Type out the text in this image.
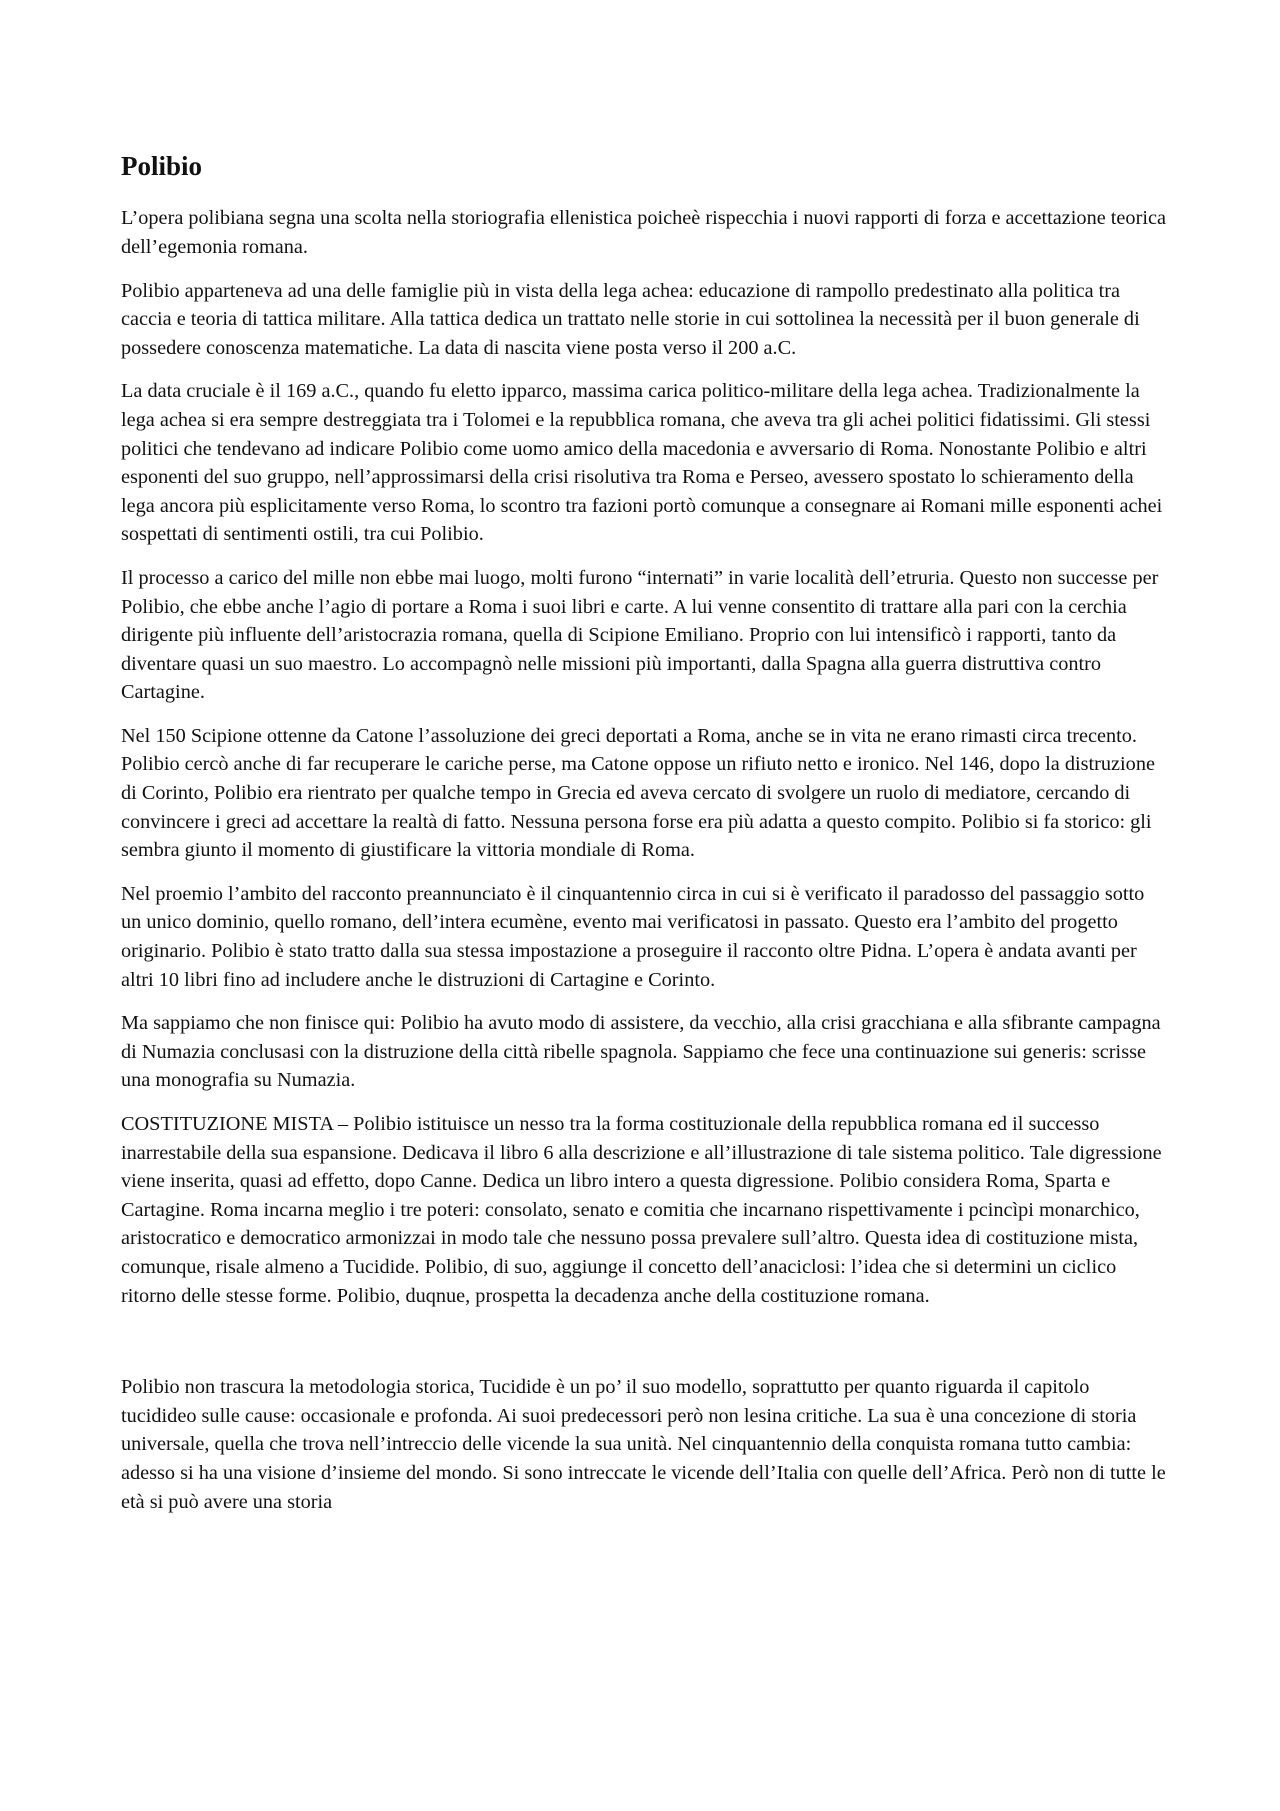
Polibio

L’opera polibiana segna una scolta nella storiografia ellenistica poicheè rispecchia i nuovi rapporti di forza e accettazione teorica dell’egemonia romana.

Polibio apparteneva ad una delle famiglie più in vista della lega achea: educazione di rampollo predestinato alla politica tra caccia e teoria di tattica militare. Alla tattica dedica un trattato nelle storie in cui sottolinea la necessità per il buon generale di possedere conoscenza matematiche. La data di nascita viene posta verso il 200 a.C.

La data cruciale è il 169 a.C., quando fu eletto ipparco, massima carica politico-militare della lega achea. Tradizionalmente la lega achea si era sempre destreggiata tra i Tolomei e la repubblica romana, che aveva tra gli achei politici fidatissimi. Gli stessi politici che tendevano ad indicare Polibio come uomo amico della macedonia e avversario di Roma. Nonostante Polibio e altri esponenti del suo gruppo, nell’approssimarsi della crisi risolutiva tra Roma e Perseo, avessero spostato lo schieramento della lega ancora più esplicitamente verso Roma, lo scontro tra fazioni portò comunque a consegnare ai Romani mille esponenti achei sospettati di sentimenti ostili, tra cui Polibio.

Il processo a carico del mille non ebbe mai luogo, molti furono “internati” in varie località dell’etruria. Questo non successe per Polibio, che ebbe anche l’agio di portare a Roma i suoi libri e carte. A lui venne consentito di trattare alla pari con la cerchia dirigente più influente dell’aristocrazia romana, quella di Scipione Emiliano. Proprio con lui intensificò i rapporti, tanto da diventare quasi un suo maestro. Lo accompagnò nelle missioni più importanti, dalla Spagna alla guerra distruttiva contro Cartagine.

Nel 150 Scipione ottenne da Catone l’assoluzione dei greci deportati a Roma, anche se in vita ne erano rimasti circa trecento. Polibio cercò anche di far recuperare le cariche perse, ma Catone oppose un rifiuto netto e ironico. Nel 146, dopo la distruzione di Corinto, Polibio era rientrato per qualche tempo in Grecia ed aveva cercato di svolgere un ruolo di mediatore, cercando di convincere i greci ad accettare la realtà di fatto. Nessuna persona forse era più adatta a questo compito. Polibio si fa storico: gli sembra giunto il momento di giustificare la vittoria mondiale di Roma.

Nel proemio l’ambito del racconto preannunciato è il cinquantennio circa in cui si è verificato il paradosso del passaggio sotto un unico dominio, quello romano, dell’intera ecumène, evento mai verificatosi in passato. Questo era l’ambito del progetto originario. Polibio è stato tratto dalla sua stessa impostazione a proseguire il racconto oltre Pidna. L’opera è andata avanti per altri 10 libri fino ad includere anche le distruzioni di Cartagine e Corinto.

Ma sappiamo che non finisce qui: Polibio ha avuto modo di assistere, da vecchio, alla crisi gracchiana e alla sfibrante campagna di Numazia conclusasi con la distruzione della città ribelle spagnola. Sappiamo che fece una continuazione sui generis: scrisse una monografia su Numazia.

COSTITUZIONE MISTA – Polibio istituisce un nesso tra la forma costituzionale della repubblica romana ed il successo inarrestabile della sua espansione. Dedicava il libro 6 alla descrizione e all’illustrazione di tale sistema politico. Tale digressione viene inserita, quasi ad effetto, dopo Canne. Dedica un libro intero a questa digressione. Polibio considera Roma, Sparta e Cartagine. Roma incarna meglio i tre poteri: consolato, senato e comitia che incarnano rispettivamente i pcincìpi monarchico, aristocratico e democratico armonizzai in modo tale che nessuno possa prevalere sull’altro. Questa idea di costituzione mista, comunque, risale almeno a Tucidide. Polibio, di suo, aggiunge il concetto dell’anaciclosi: l’idea che si determini un ciclico ritorno delle stesse forme. Polibio, duqnue, prospetta la decadenza anche della costituzione romana.

Polibio non trascura la metodologia storica, Tucidide è un po’ il suo modello, soprattutto per quanto riguarda il capitolo tucidideo sulle cause: occasionale e profonda. Ai suoi predecessori però non lesina critiche. La sua è una concezione di storia universale, quella che trova nell’intreccio delle vicende la sua unità. Nel cinquantennio della conquista romana tutto cambia: adesso si ha una visione d’insieme del mondo. Si sono intreccate le vicende dell’Italia con quelle dell’Africa. Però non di tutte le età si può avere una storia
